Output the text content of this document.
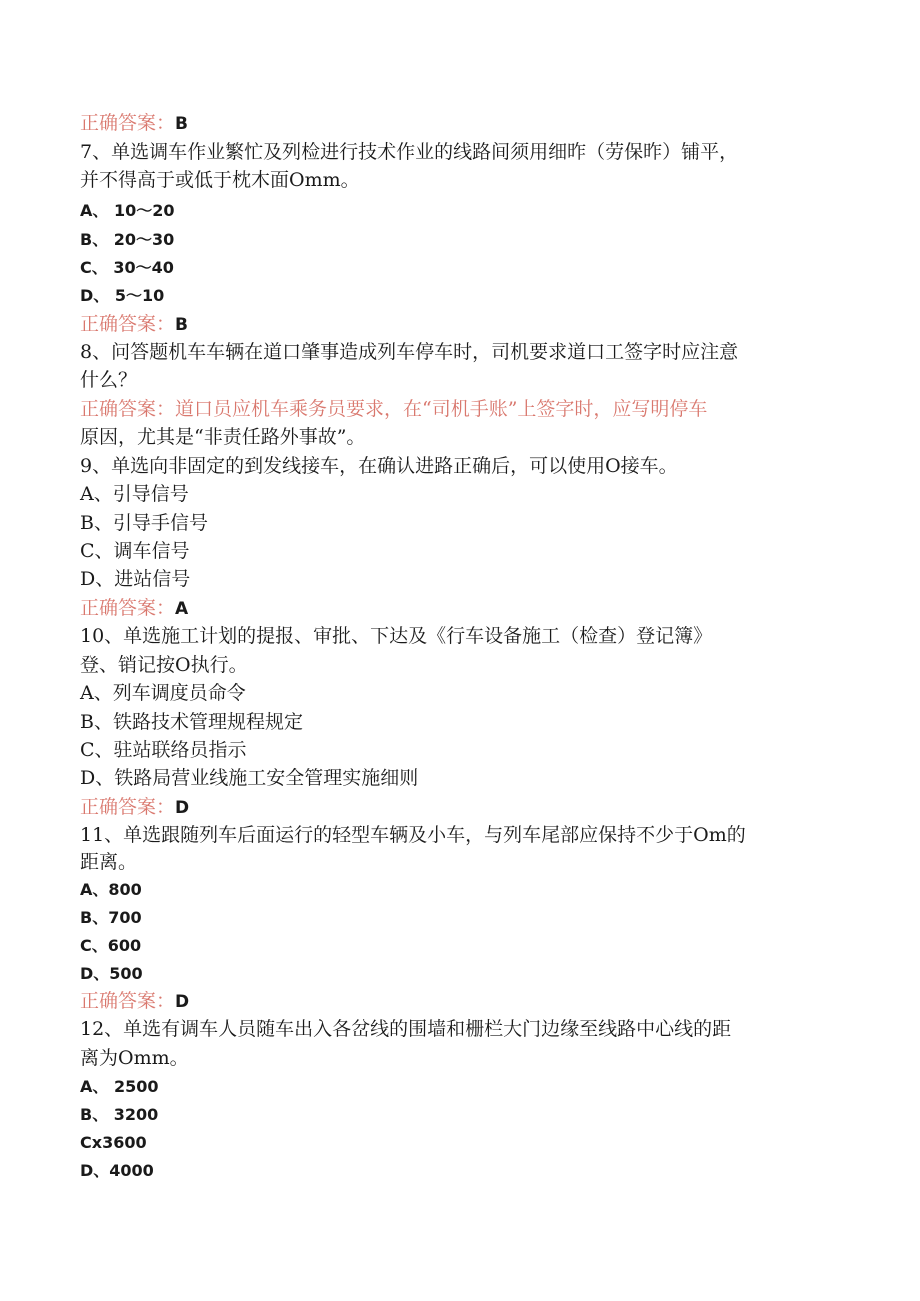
正确答案：B
7、单选调车作业繁忙及列检进行技术作业的线路间须用细昨（劳保昨）铺平，
并不得高于或低于枕木面Omm。
A、 10〜20
B、 20〜30
C、 30〜40
D、 5〜10
正确答案：B
8、问答题机车车辆在道口肇事造成列车停车时，司机要求道口工签字时应注意
什么？
正确答案：道口员应机车乘务员要求，在“司机手账”上签字时，应写明停车
原因，尤其是“非责任路外事故”。
9、单选向非固定的到发线接车，在确认进路正确后，可以使用O接车。
A、引导信号
B、引导手信号
C、调车信号
D、进站信号
正确答案：A
10、单选施工计划的提报、审批、下达及《行车设备施工（检查）登记簿》
登、销记按O执行。
A、列车调度员命令
B、铁路技术管理规程规定
C、驻站联络员指示
D、铁路局营业线施工安全管理实施细则
正确答案：D
11、单选跟随列车后面运行的轻型车辆及小车，与列车尾部应保持不少于Om的
距离。
A、800
B、700
C、600
D、500
正确答案：D
12、单选有调车人员随车出入各岔线的围墙和栅栏大门边缘至线路中心线的距
离为Omm。
A、 2500
B、 3200
Cx3600
D、4000
